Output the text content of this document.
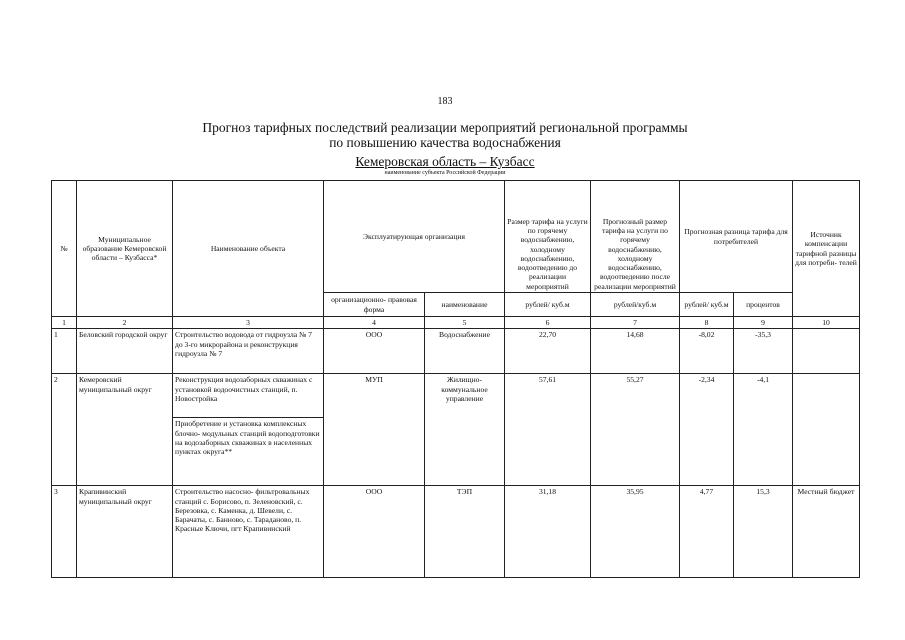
183
Прогноз тарифных последствий реализации мероприятий региональной программы
по повышению качества водоснабжения
Кемеровская область – Кузбасс
наименование субъекта Российской Федерации
№	Муниципальное образование Кемеровской области – Кузбасса*	Наименование объекта	Эксплуатирующая организация		Размер тарифа на услуги по горячему водоснабжению, холодному водоснабжению, водоотведению до реализации мероприятий	Прогнозный размер тарифа на услуги по горячему водоснабжению, холодному водоснабжению, водоотведению после реализации мероприятий	Прогнозная разница тарифа для потребителей		Источник компенсации тарифной разницы для потреби- телей
			организационно- правовая форма	наименование	рублей/ куб.м	рублей/куб.м	рублей/ куб.м	процентов	
1	2	3	4	5	6	7	8	9	10
1	Беловский городской округ	Строительство водовода от гидроузла № 7 до 3-го микрорайона и реконструкция гидроузла № 7	ООО	Водоснабжение	22,70	14,68	-8,02	-35,3	
2	Кемеровский муниципальный округ	Реконструкция водозаборных скважинах с установкой водоочистных станций, п. Новостройка	МУП	Жилищно- коммунальное управление	57,61	55,27	-2,34	-4,1	
		Приобретение и установка комплексных блочно- модульных станций водоподготовки на водозаборных скважинах в населенных пунктах округа**							
3	Крапивинский муниципальный округ	Строительство насосно- фильтровальных станций с. Борисово, п. Зеленовский, с. Березовка, с. Каменка, д. Шевели, с. Барачаты, с. Банново, с. Тарадановo, п. Красные Ключи, пгт Крапивинский	ООО	ТЭП	31,18	35,95	4,77	15,3	Местный бюджет
